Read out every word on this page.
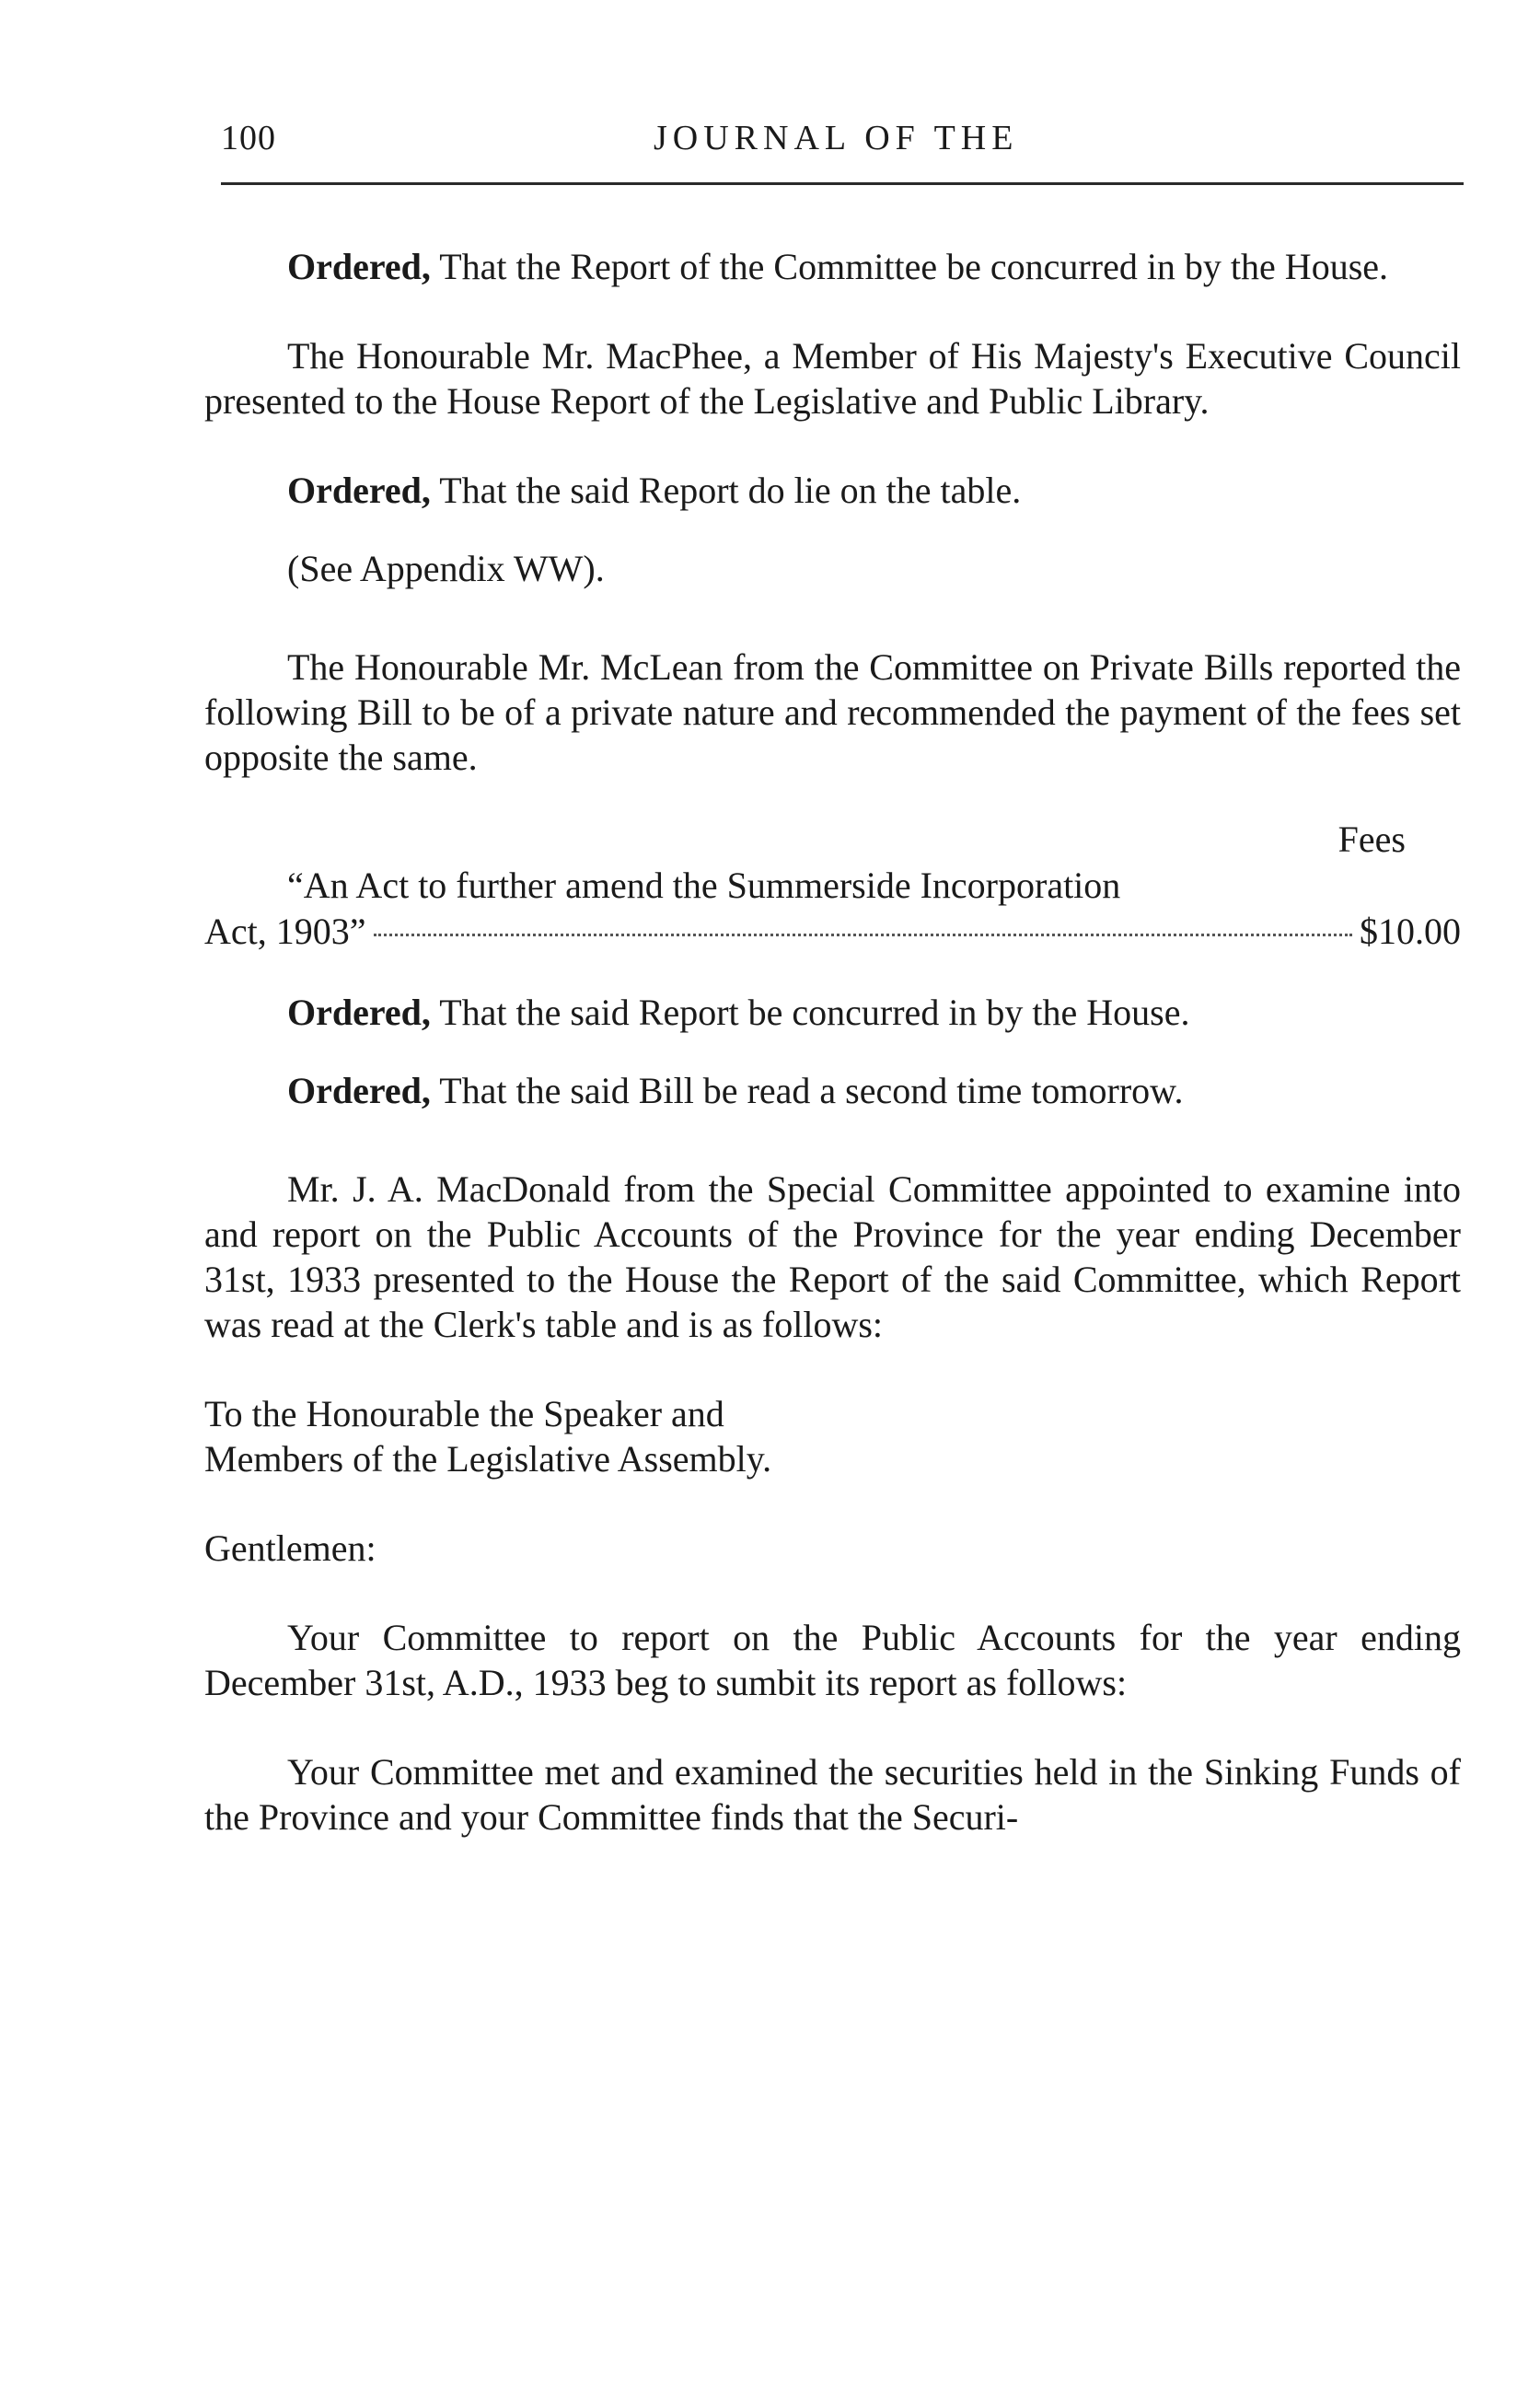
100	JOURNAL OF THE

Ordered, That the Report of the Committee be concurred in by the House.

The Honourable Mr. MacPhee, a Member of His Majesty's Executive Council presented to the House Report of the Legislative and Public Library.

Ordered, That the said Report do lie on the table.

(See Appendix WW).

The Honourable Mr. McLean from the Committee on Private Bills reported the following Bill to be of a private nature and recommended the payment of the fees set opposite the same.

Fees
“An Act to further amend the Summerside Incorporation
Act, 1903”	$10.00

Ordered, That the said Report be concurred in by the House.

Ordered, That the said Bill be read a second time tomorrow.

Mr. J. A. MacDonald from the Special Committee appointed to examine into and report on the Public Accounts of the Province for the year ending December 31st, 1933 presented to the House the Report of the said Committee, which Report was read at the Clerk's table and is as follows:

To the Honourable the Speaker and

Members of the Legislative Assembly.

Gentlemen:

Your Committee to report on the Public Accounts for the year ending December 31st, A.D., 1933 beg to sumbit its report as follows:

Your Committee met and examined the securities held in the Sinking Funds of the Province and your Committee finds that the Securi-
